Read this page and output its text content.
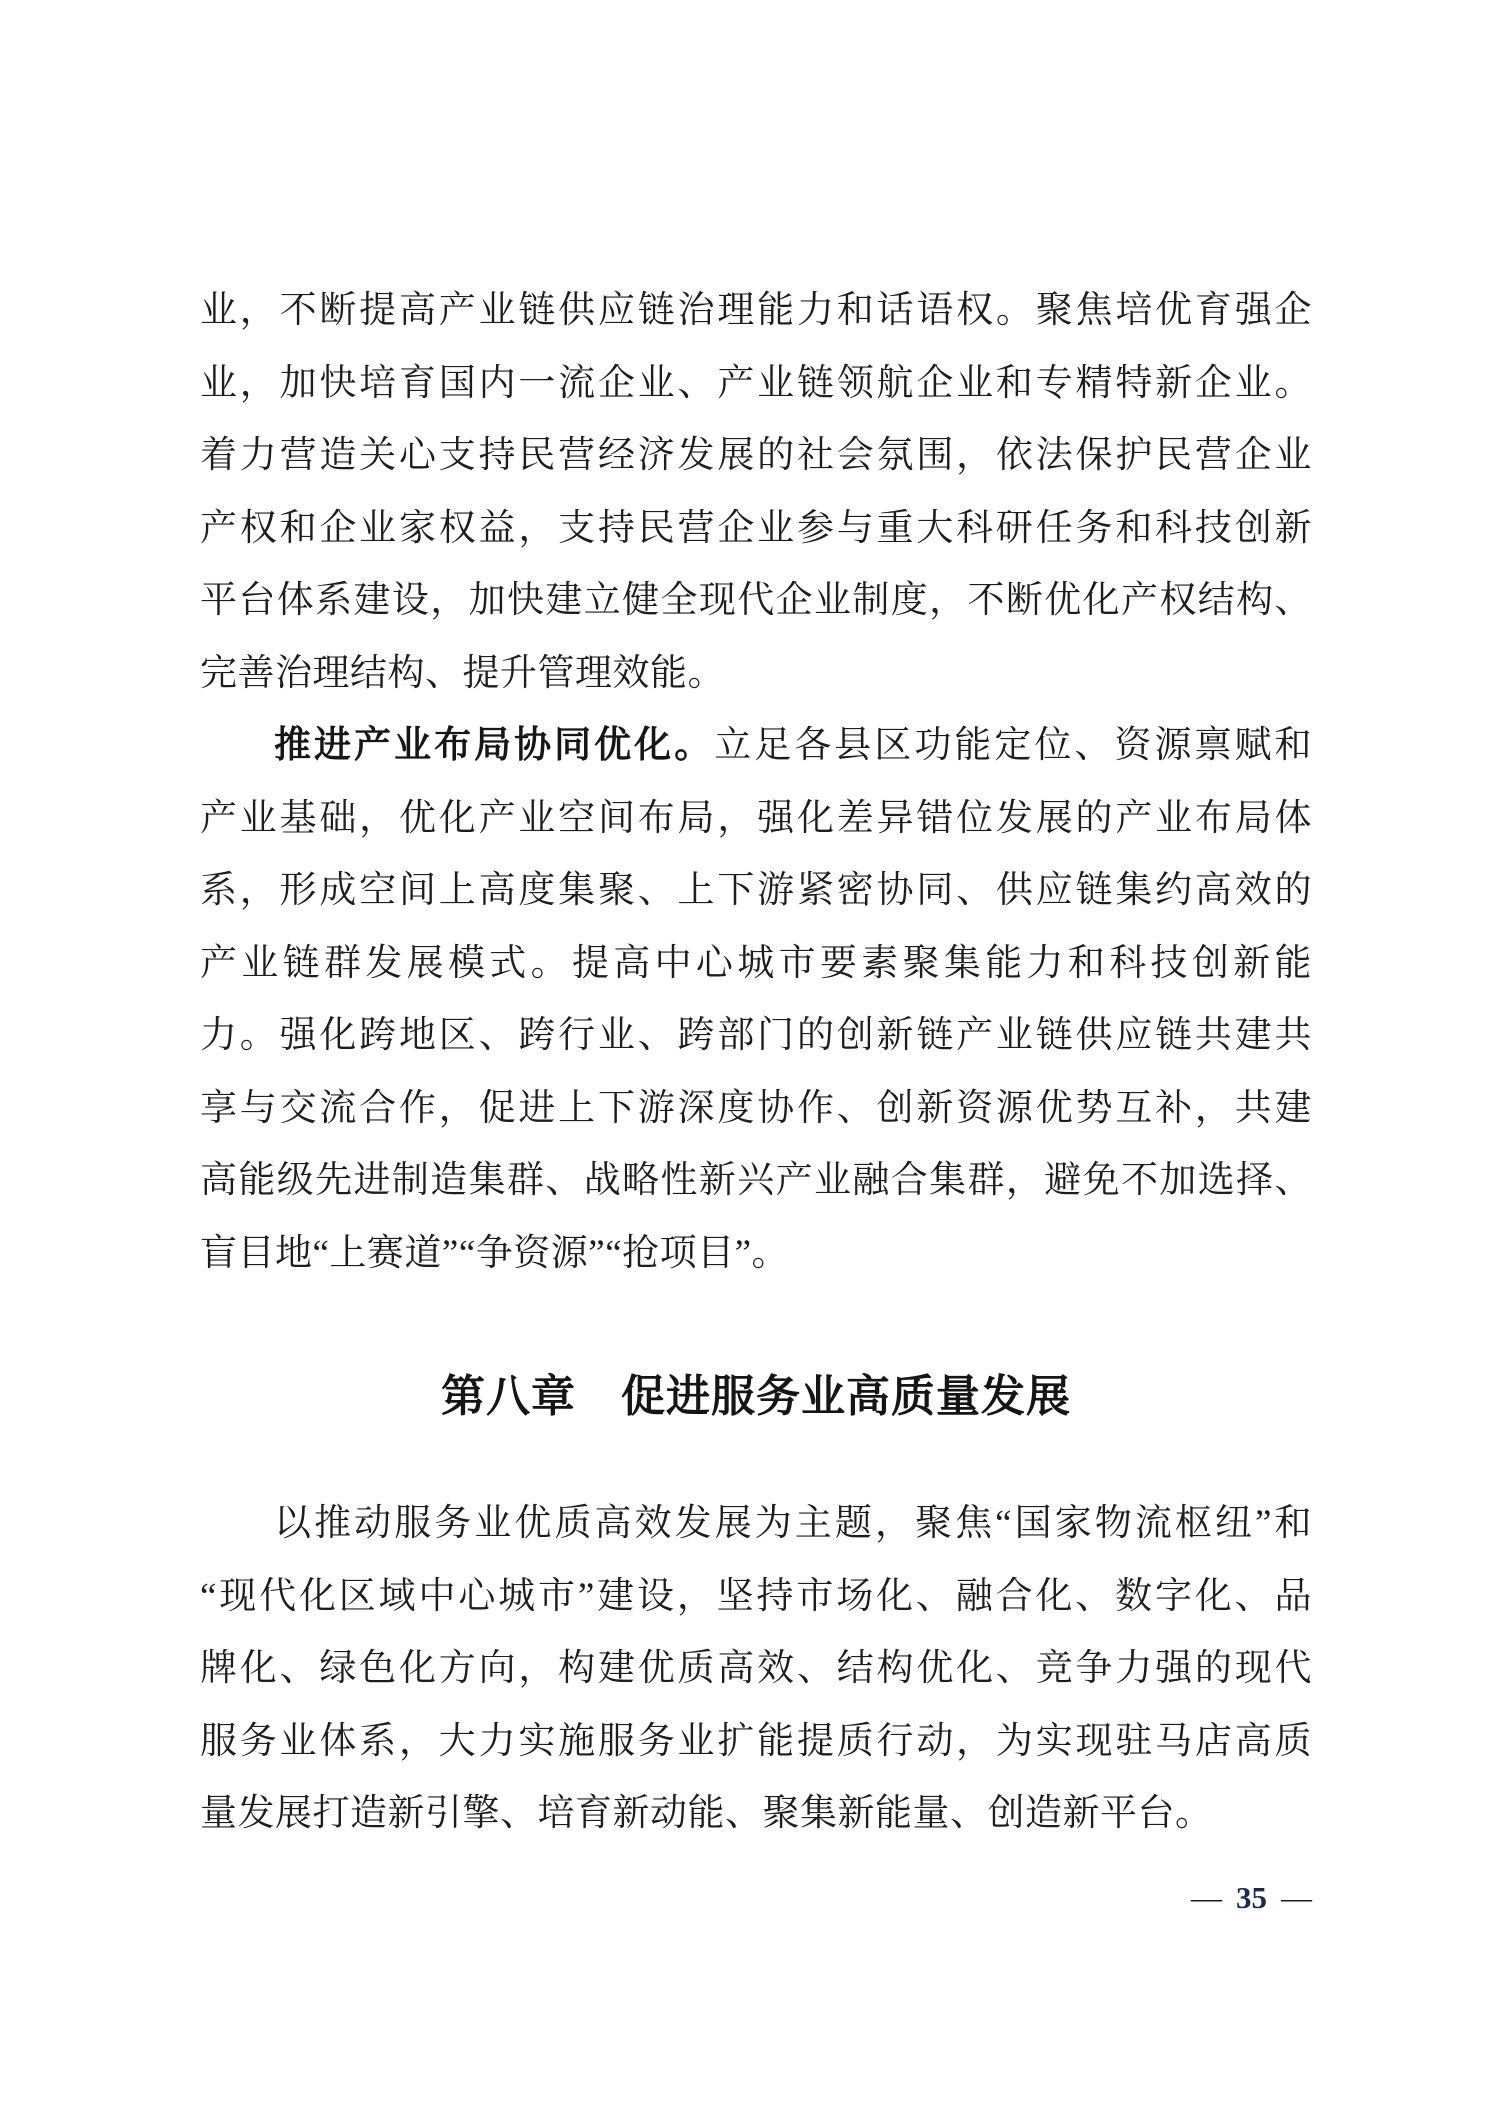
业，不断提高产业链供应链治理能力和话语权。聚焦培优育强企
业，加快培育国内一流企业、产业链领航企业和专精特新企业。
着力营造关心支持民营经济发展的社会氛围，依法保护民营企业
产权和企业家权益，支持民营企业参与重大科研任务和科技创新
平台体系建设，加快建立健全现代企业制度，不断优化产权结构、
完善治理结构、提升管理效能。
推进产业布局协同优化。立足各县区功能定位、资源禀赋和
产业基础，优化产业空间布局，强化差异错位发展的产业布局体
系，形成空间上高度集聚、上下游紧密协同、供应链集约高效的
产业链群发展模式。提高中心城市要素聚集能力和科技创新能
力。强化跨地区、跨行业、跨部门的创新链产业链供应链共建共
享与交流合作，促进上下游深度协作、创新资源优势互补，共建
高能级先进制造集群、战略性新兴产业融合集群，避免不加选择、
盲目地“上赛道”“争资源”“抢项目”。
第八章　促进服务业高质量发展
以推动服务业优质高效发展为主题，聚焦“国家物流枢纽”和
“现代化区域中心城市”建设，坚持市场化、融合化、数字化、品
牌化、绿色化方向，构建优质高效、结构优化、竞争力强的现代
服务业体系，大力实施服务业扩能提质行动，为实现驻马店高质
量发展打造新引擎、培育新动能、聚集新能量、创造新平台。
— 35 —
